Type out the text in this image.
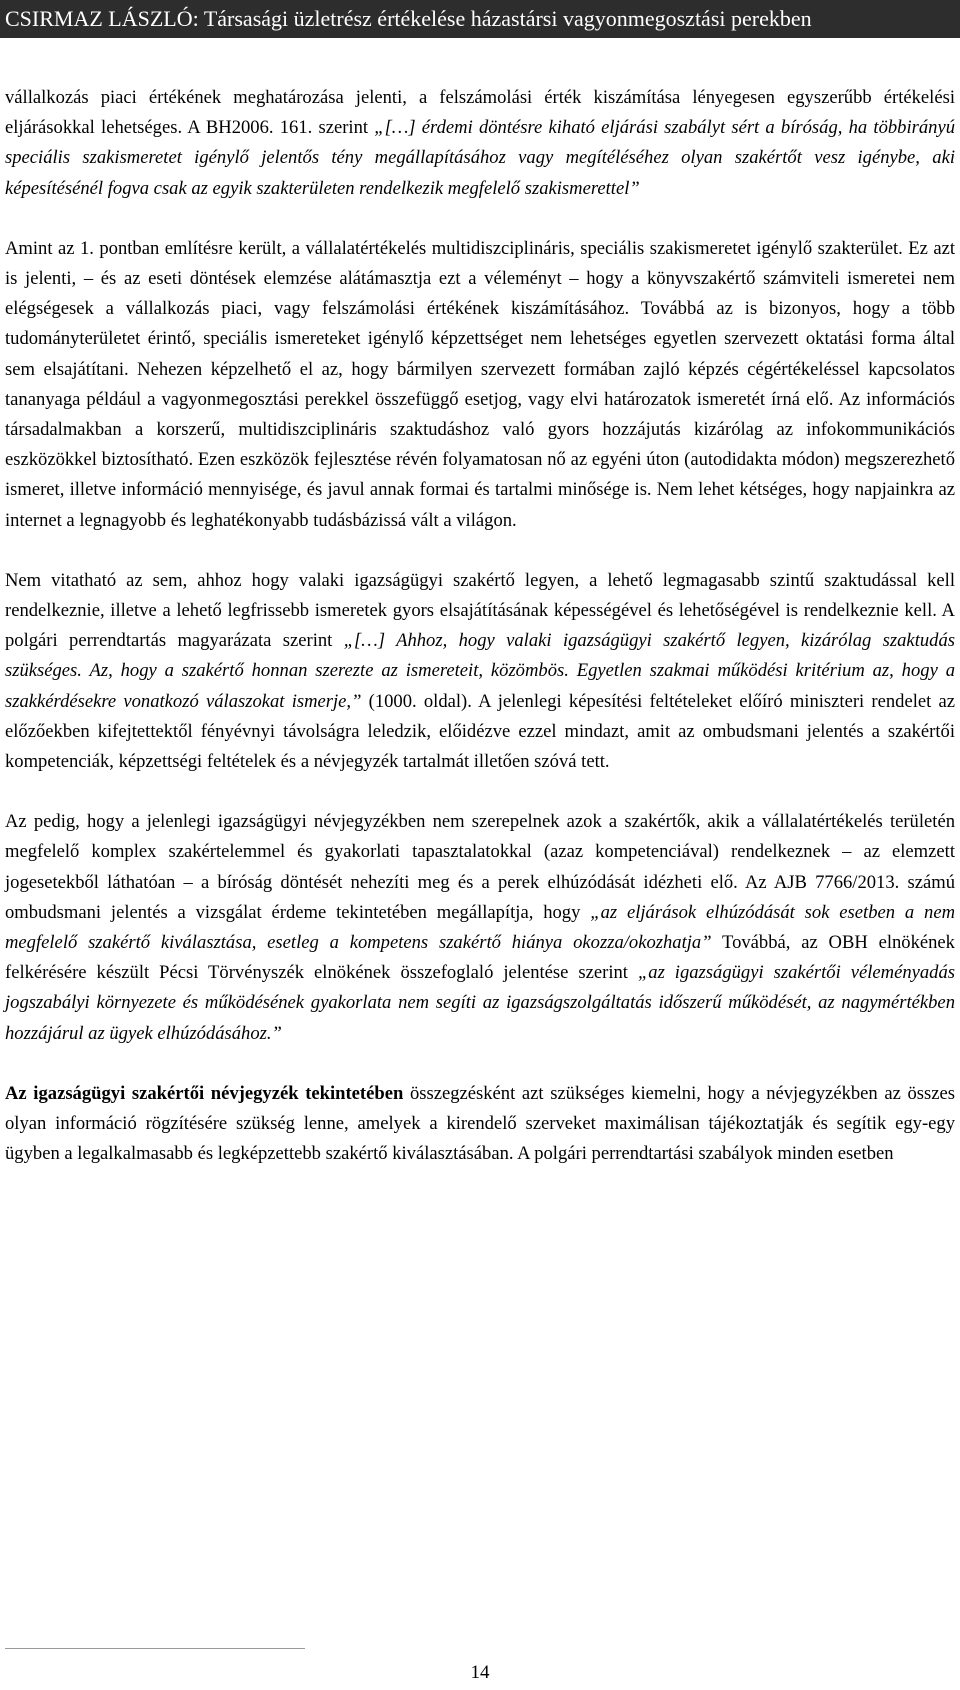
CSIRMAZ LÁSZLÓ: Társasági üzletrész értékelése házastársi vagyonmegosztási perekben

vállalkozás piaci értékének meghatározása jelenti, a felszámolási érték kiszámítása lényegesen egyszerűbb értékelési eljárásokkal lehetséges. A BH2006. 161. szerint „[…] érdemi döntésre kiható eljárási szabályt sért a bíróság, ha többirányú speciális szakismeretet igénylő jelentős tény megállapításához vagy megítéléséhez olyan szakértőt vesz igénybe, aki képesítésénél fogva csak az egyik szakterületen rendelkezik megfelelő szakismerettel”

Amint az 1. pontban említésre került, a vállalatértékelés multidiszciplináris, speciális szakismeretet igénylő szakterület. Ez azt is jelenti, – és az eseti döntések elemzése alátámasztja ezt a véleményt – hogy a könyvszakértő számviteli ismeretei nem elégségesek a vállalkozás piaci, vagy felszámolási értékének kiszámításához. Továbbá az is bizonyos, hogy a több tudományterületet érintő, speciális ismereteket igénylő képzettséget nem lehetséges egyetlen szervezett oktatási forma által sem elsajátítani. Nehezen képzelhető el az, hogy bármilyen szervezett formában zajló képzés cégértékeléssel kapcsolatos tananyaga például a vagyonmegosztási perekkel összefüggő esetjog, vagy elvi határozatok ismeretét írná elő. Az információs társadalmakban a korszerű, multidiszciplináris szaktudáshoz való gyors hozzájutás kizárólag az infokommunikációs eszközökkel biztosítható. Ezen eszközök fejlesztése révén folyamatosan nő az egyéni úton (autodidakta módon) megszerezhető ismeret, illetve információ mennyisége, és javul annak formai és tartalmi minősége is. Nem lehet kétséges, hogy napjainkra az internet a legnagyobb és leghatékonyabb tudásbázissá vált a világon.

Nem vitatható az sem, ahhoz hogy valaki igazságügyi szakértő legyen, a lehető legmagasabb szintű szaktudással kell rendelkeznie, illetve a lehető legfrissebb ismeretek gyors elsajátításának képességével és lehetőségével is rendelkeznie kell. A polgári perrendtartás magyarázata szerint „[…] Ahhoz, hogy valaki igazságügyi szakértő legyen, kizárólag szaktudás szükséges. Az, hogy a szakértő honnan szerezte az ismereteit, közömbös. Egyetlen szakmai működési kritérium az, hogy a szakkérdésekre vonatkozó válaszokat ismerje,” (1000. oldal). A jelenlegi képesítési feltételeket előíró miniszteri rendelet az előzőekben kifejtettektől fényévnyi távolságra leledzik, előidézve ezzel mindazt, amit az ombudsmani jelentés a szakértői kompetenciák, képzettségi feltételek és a névjegyzék tartalmát illetően szóvá tett.

Az pedig, hogy a jelenlegi igazságügyi névjegyzékben nem szerepelnek azok a szakértők, akik a vállalatértékelés területén megfelelő komplex szakértelemmel és gyakorlati tapasztalatokkal (azaz kompetenciával) rendelkeznek – az elemzett jogesetekből láthatóan – a bíróság döntését nehezíti meg és a perek elhúzódását idézheti elő. Az AJB 7766/2013. számú ombudsmani jelentés a vizsgálat érdeme tekintetében megállapítja, hogy „az eljárások elhúzódását sok esetben a nem megfelelő szakértő kiválasztása, esetleg a kompetens szakértő hiánya okozza/okozhatja” Továbbá, az OBH elnökének felkérésére készült Pécsi Törvényszék elnökének összefoglaló jelentése szerint „az igazságügyi szakértői véleményadás jogszabályi környezete és működésének gyakorlata nem segíti az igazságszolgáltatás időszerű működését, az nagymértékben hozzájárul az ügyek elhúzódásához.”

Az igazságügyi szakértői névjegyzék tekintetében összegzésként azt szükséges kiemelni, hogy a névjegyzékben az összes olyan információ rögzítésére szükség lenne, amelyek a kirendelő szerveket maximálisan tájékoztatják és segítik egy-egy ügyben a legalkalmasabb és legképzettebb szakértő kiválasztásában. A polgári perrendtartási szabályok minden esetben

14
